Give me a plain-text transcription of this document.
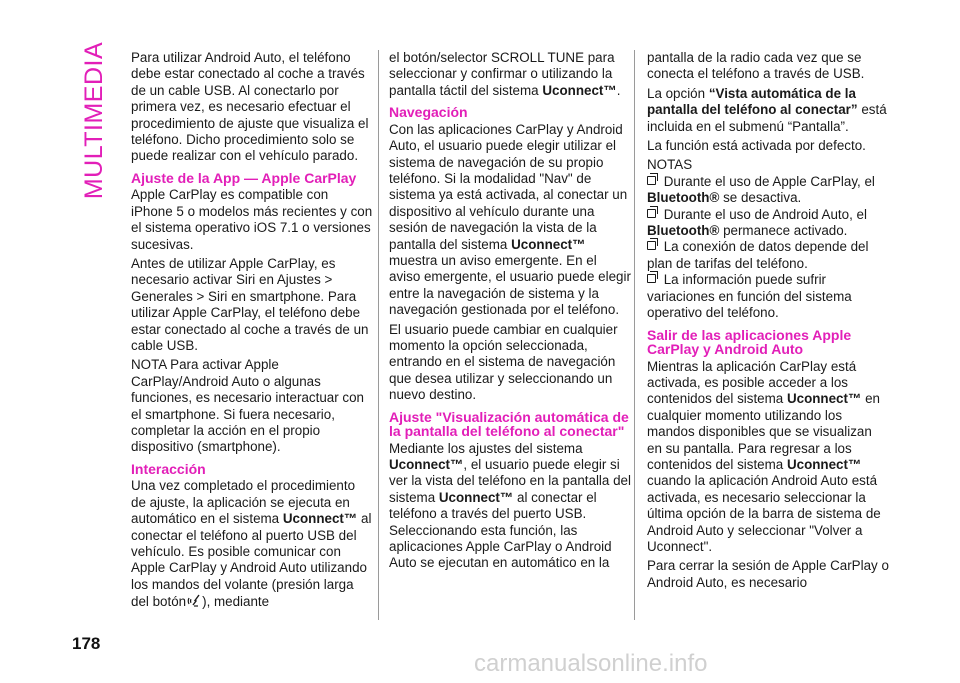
MULTIMEDIA
178

Para utilizar Android Auto, el teléfono debe estar conectado al coche a través de un cable USB. Al conectarlo por primera vez, es necesario efectuar el procedimiento de ajuste que visualiza el teléfono. Dicho procedimiento solo se puede realizar con el vehículo parado.

Ajuste de la App — Apple CarPlay

Apple CarPlay es compatible con iPhone 5 o modelos más recientes y con el sistema operativo iOS 7.1 o versiones sucesivas.

Antes de utilizar Apple CarPlay, es necesario activar Siri en Ajustes > Generales > Siri en smartphone. Para utilizar Apple CarPlay, el teléfono debe estar conectado al coche a través de un cable USB.

NOTA Para activar Apple CarPlay/Android Auto o algunas funciones, es necesario interactuar con el smartphone. Si fuera necesario, completar la acción en el propio dispositivo (smartphone).

Interacción

Una vez completado el procedimiento de ajuste, la aplicación se ejecuta en automático en el sistema Uconnect™ al conectar el teléfono al puerto USB del vehículo. Es posible comunicar con Apple CarPlay y Android Auto utilizando los mandos del volante (presión larga del botón ), mediante

el botón/selector SCROLL TUNE para seleccionar y confirmar o utilizando la pantalla táctil del sistema Uconnect™.

Navegación

Con las aplicaciones CarPlay y Android Auto, el usuario puede elegir utilizar el sistema de navegación de su propio teléfono. Si la modalidad "Nav" de sistema ya está activada, al conectar un dispositivo al vehículo durante una sesión de navegación la vista de la pantalla del sistema Uconnect™ muestra un aviso emergente. En el aviso emergente, el usuario puede elegir entre la navegación de sistema y la navegación gestionada por el teléfono.

El usuario puede cambiar en cualquier momento la opción seleccionada, entrando en el sistema de navegación que desea utilizar y seleccionando un nuevo destino.

Ajuste "Visualización automática de la pantalla del teléfono al conectar"

Mediante los ajustes del sistema Uconnect™, el usuario puede elegir si ver la vista del teléfono en la pantalla del sistema Uconnect™ al conectar el teléfono a través del puerto USB. Seleccionando esta función, las aplicaciones Apple CarPlay o Android Auto se ejecutan en automático en la

pantalla de la radio cada vez que se conecta el teléfono a través de USB.

La opción “Vista automática de la pantalla del teléfono al conectar” está incluida en el submenú “Pantalla”.

La función está activada por defecto.

NOTAS

Durante el uso de Apple CarPlay, el Bluetooth® se desactiva.

Durante el uso de Android Auto, el Bluetooth® permanece activado.

La conexión de datos depende del plan de tarifas del teléfono.

La información puede sufrir variaciones en función del sistema operativo del teléfono.

Salir de las aplicaciones Apple CarPlay y Android Auto

Mientras la aplicación CarPlay está activada, es posible acceder a los contenidos del sistema Uconnect™ en cualquier momento utilizando los mandos disponibles que se visualizan en su pantalla. Para regresar a los contenidos del sistema Uconnect™ cuando la aplicación Android Auto está activada, es necesario seleccionar la última opción de la barra de sistema de Android Auto y seleccionar "Volver a Uconnect".

Para cerrar la sesión de Apple CarPlay o Android Auto, es necesario

carmanualsonline.info
